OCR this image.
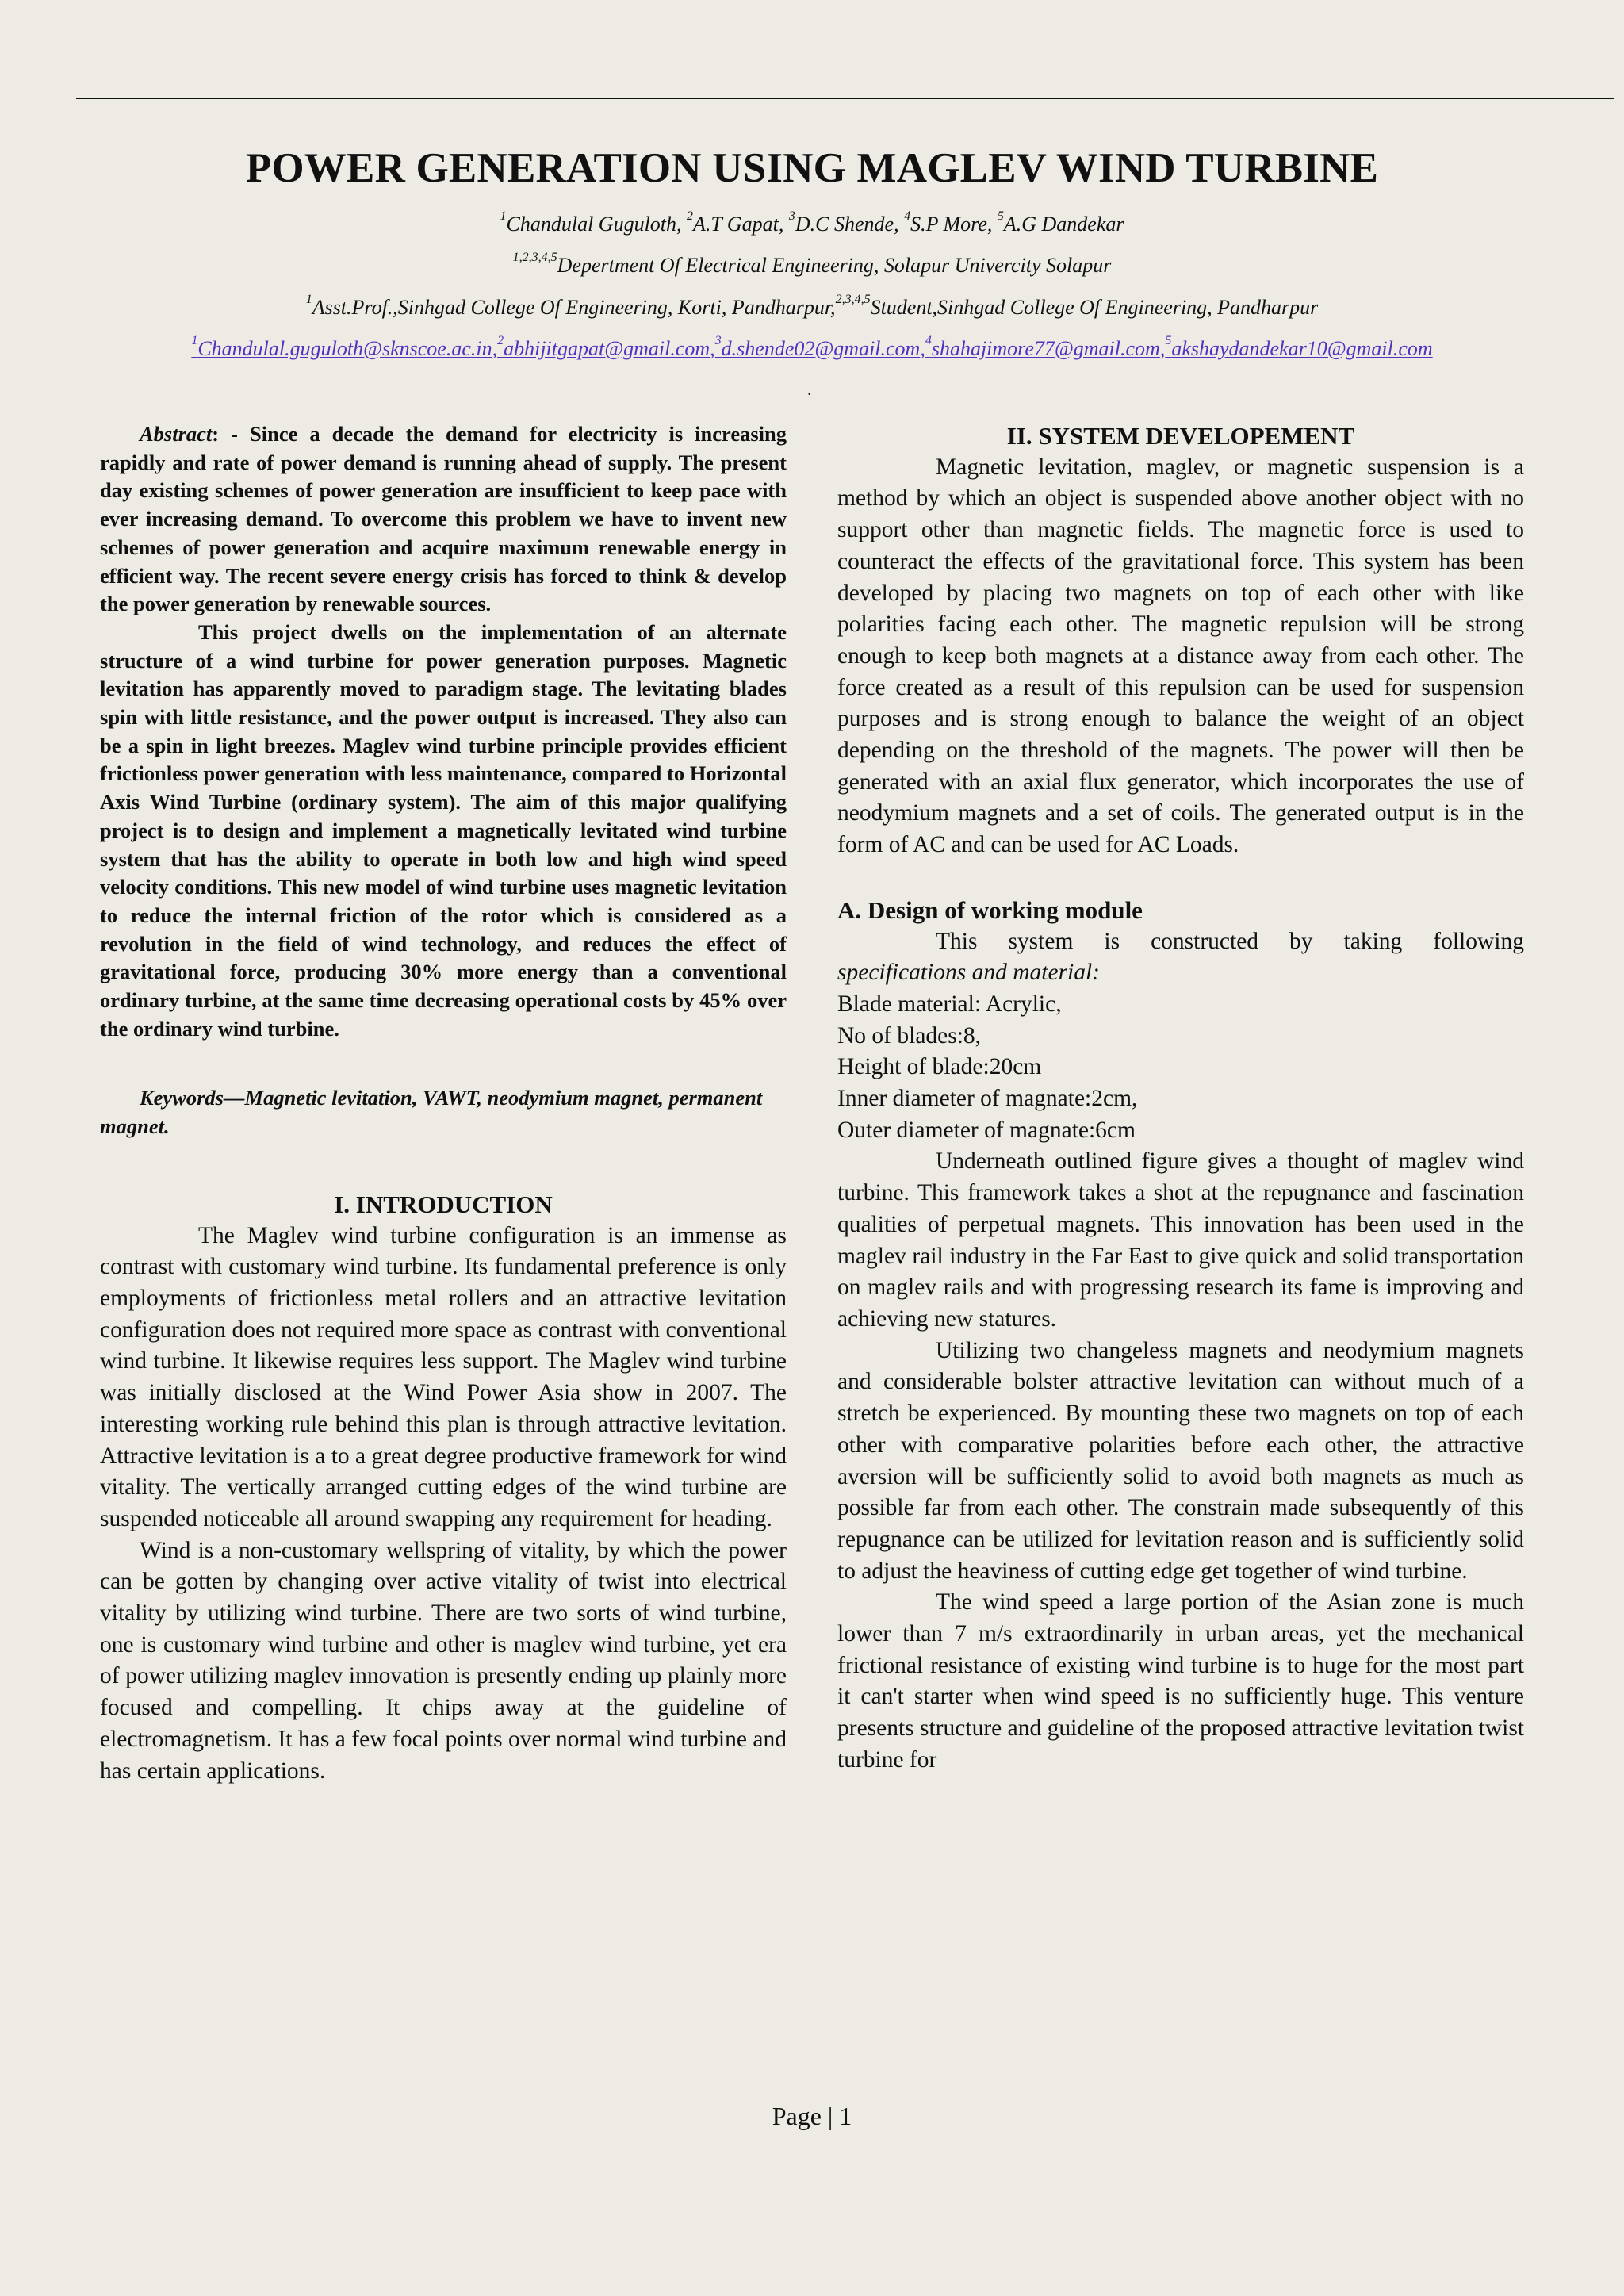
POWER GENERATION USING MAGLEV WIND TURBINE
$^1$Chandulal Guguloth, $^2$A.T Gapat, $^3$D.C Shende, $^4$S.P More, $^5$A.G Dandekar
$^{1,2,3,4,5}$Depertment Of Electrical Engineering, Solapur Univercity Solapur
$^1$Asst.Prof.,Sinhgad College Of Engineering, Korti, Pandharpur,$^{2,3,4,5}$Student,Sinhgad College Of Engineering, Pandharpur
$^1$Chandulal.guguloth@sknscoe.ac.in,$^2$abhijitgapat@gmail.com,$^3$d.shende02@gmail.com,$^4$shahajimore77@gmail.com,$^5$akshaydandekar10@gmail.com
.

Abstract: - Since a decade the demand for electricity is increasing rapidly and rate of power demand is running ahead of supply. The present day existing schemes of power generation are insufficient to keep pace with ever increasing demand. To overcome this problem we have to invent new schemes of power generation and acquire maximum renewable energy in efficient way. The recent severe energy crisis has forced to think & develop the power generation by renewable sources.

This project dwells on the implementation of an alternate structure of a wind turbine for power generation purposes. Magnetic levitation has apparently moved to paradigm stage. The levitating blades spin with little resistance, and the power output is increased. They also can be a spin in light breezes. Maglev wind turbine principle provides efficient frictionless power generation with less maintenance, compared to Horizontal Axis Wind Turbine (ordinary system). The aim of this major qualifying project is to design and implement a magnetically levitated wind turbine system that has the ability to operate in both low and high wind speed velocity conditions. This new model of wind turbine uses magnetic levitation to reduce the internal friction of the rotor which is considered as a revolution in the field of wind technology, and reduces the effect of gravitational force, producing 30% more energy than a conventional ordinary turbine, at the same time decreasing operational costs by 45% over the ordinary wind turbine.

Keywords—Magnetic levitation, VAWT, neodymium magnet, permanent magnet.

I. INTRODUCTION

The Maglev wind turbine configuration is an immense as contrast with customary wind turbine. Its fundamental preference is only employments of frictionless metal rollers and an attractive levitation configuration does not required more space as contrast with conventional wind turbine. It likewise requires less support. The Maglev wind turbine was initially disclosed at the Wind Power Asia show in 2007. The interesting working rule behind this plan is through attractive levitation. Attractive levitation is a to a great degree productive framework for wind vitality. The vertically arranged cutting edges of the wind turbine are suspended noticeable all around swapping any requirement for heading.

Wind is a non-customary wellspring of vitality, by which the power can be gotten by changing over active vitality of twist into electrical vitality by utilizing wind turbine. There are two sorts of wind turbine, one is customary wind turbine and other is maglev wind turbine, yet era of power utilizing maglev innovation is presently ending up plainly more focused and compelling. It chips away at the guideline of electromagnetism. It has a few focal points over normal wind turbine and has certain applications.

II. SYSTEM DEVELOPEMENT

Magnetic levitation, maglev, or magnetic suspension is a method by which an object is suspended above another object with no support other than magnetic fields. The magnetic force is used to counteract the effects of the gravitational force. This system has been developed by placing two magnets on top of each other with like polarities facing each other. The magnetic repulsion will be strong enough to keep both magnets at a distance away from each other. The force created as a result of this repulsion can be used for suspension purposes and is strong enough to balance the weight of an object depending on the threshold of the magnets. The power will then be generated with an axial flux generator, which incorporates the use of neodymium magnets and a set of coils. The generated output is in the form of AC and can be used for AC Loads.

A. Design of working module

This system is constructed by taking following

specifications and material:

Blade material: Acrylic,

No of blades:8,

Height of blade:20cm

Inner diameter of magnate:2cm,

Outer diameter of magnate:6cm

Underneath outlined figure gives a thought of maglev wind turbine. This framework takes a shot at the repugnance and fascination qualities of perpetual magnets. This innovation has been used in the maglev rail industry in the Far East to give quick and solid transportation on maglev rails and with progressing research its fame is improving and achieving new statures.

Utilizing two changeless magnets and neodymium magnets and considerable bolster attractive levitation can without much of a stretch be experienced. By mounting these two magnets on top of each other with comparative polarities before each other, the attractive aversion will be sufficiently solid to avoid both magnets as much as possible far from each other. The constrain made subsequently of this repugnance can be utilized for levitation reason and is sufficiently solid to adjust the heaviness of cutting edge get together of wind turbine.

The wind speed a large portion of the Asian zone is much lower than 7 m/s extraordinarily in urban areas, yet the mechanical frictional resistance of existing wind turbine is to huge for the most part it can't starter when wind speed is no sufficiently huge. This venture presents structure and guideline of the proposed attractive levitation twist turbine for

Page | 1
